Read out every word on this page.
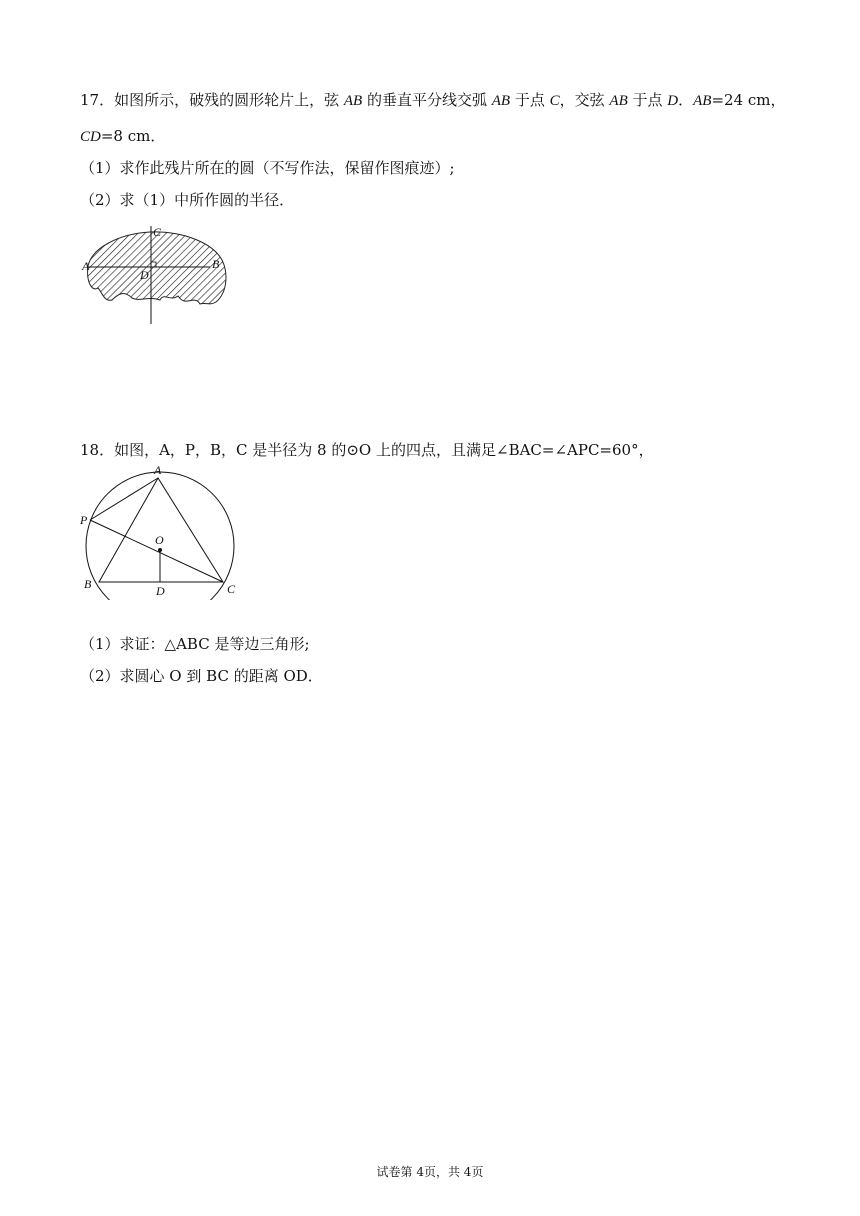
17．如图所示，破残的圆形轮片上，弦 AB 的垂直平分线交弧 AB 于点 C，交弦 AB 于点 D．AB=24 cm，
CD=8 cm．
（1）求作此残片所在的圆（不写作法，保留作图痕迹）;
（2）求（1）中所作圆的半径．
C
A	B
D
18．如图，A，P，B，C 是半径为 8 的⊙O 上的四点，且满足∠BAC=∠APC=60°，
A
P
O
B	D	C
（1）求证：△ABC 是等边三角形;
（2）求圆心 O 到 BC 的距离 OD．
试卷第 4页，共 4页
